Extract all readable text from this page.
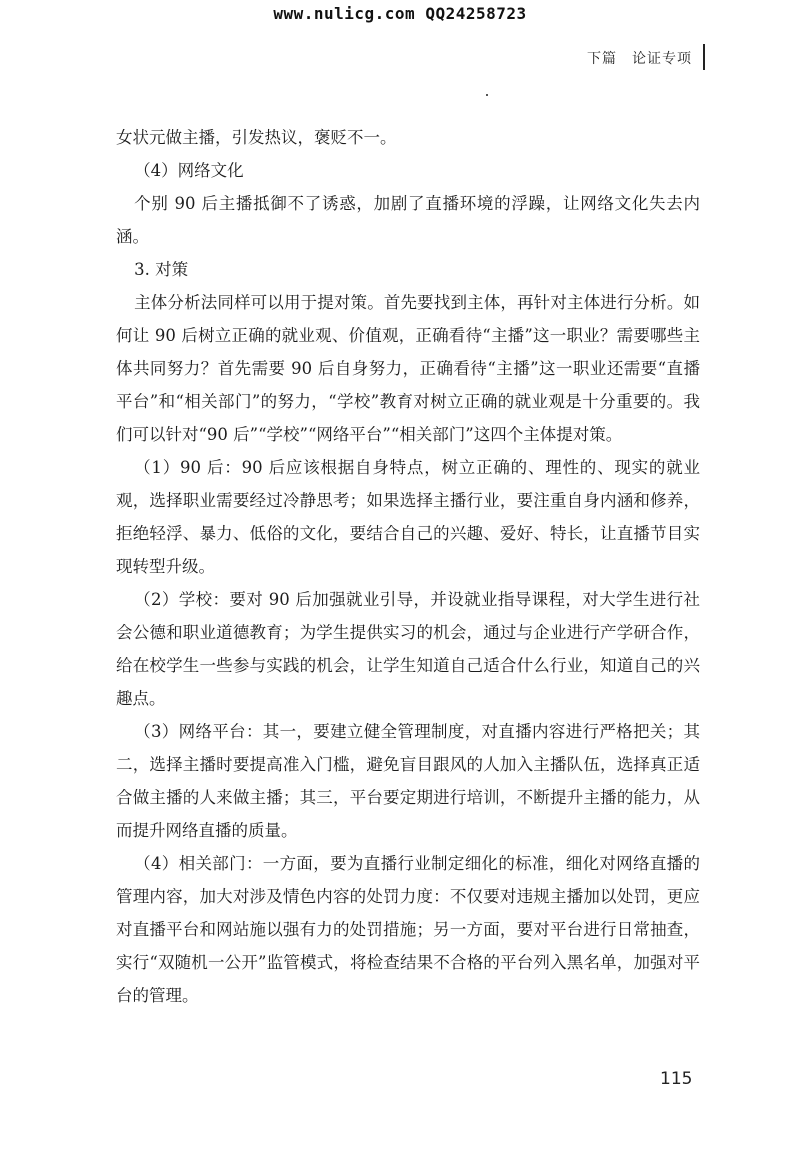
www.nulicg.com QQ24258723
下篇　论证专项

女状元做主播，引发热议，褒贬不一。

（4）网络文化

个别 90 后主播抵御不了诱惑，加剧了直播环境的浮躁，让网络文化失去内涵。

3. 对策

主体分析法同样可以用于提对策。首先要找到主体，再针对主体进行分析。如何让 90 后树立正确的就业观、价值观，正确看待“主播”这一职业？需要哪些主体共同努力？首先需要 90 后自身努力，正确看待“主播”这一职业还需要“直播平台”和“相关部门”的努力，“学校”教育对树立正确的就业观是十分重要的。我们可以针对“90 后”“学校”“网络平台”“相关部门”这四个主体提对策。

（1）90 后：90 后应该根据自身特点，树立正确的、理性的、现实的就业观，选择职业需要经过冷静思考；如果选择主播行业，要注重自身内涵和修养，拒绝轻浮、暴力、低俗的文化，要结合自己的兴趣、爱好、特长，让直播节目实现转型升级。

（2）学校：要对 90 后加强就业引导，并设就业指导课程，对大学生进行社会公德和职业道德教育；为学生提供实习的机会，通过与企业进行产学研合作，给在校学生一些参与实践的机会，让学生知道自己适合什么行业，知道自己的兴趣点。

（3）网络平台：其一，要建立健全管理制度，对直播内容进行严格把关；其二，选择主播时要提高准入门槛，避免盲目跟风的人加入主播队伍，选择真正适合做主播的人来做主播；其三，平台要定期进行培训，不断提升主播的能力，从而提升网络直播的质量。

（4）相关部门：一方面，要为直播行业制定细化的标准，细化对网络直播的管理内容，加大对涉及情色内容的处罚力度：不仅要对违规主播加以处罚，更应对直播平台和网站施以强有力的处罚措施；另一方面，要对平台进行日常抽查，实行“双随机一公开”监管模式，将检查结果不合格的平台列入黑名单，加强对平台的管理。

115
